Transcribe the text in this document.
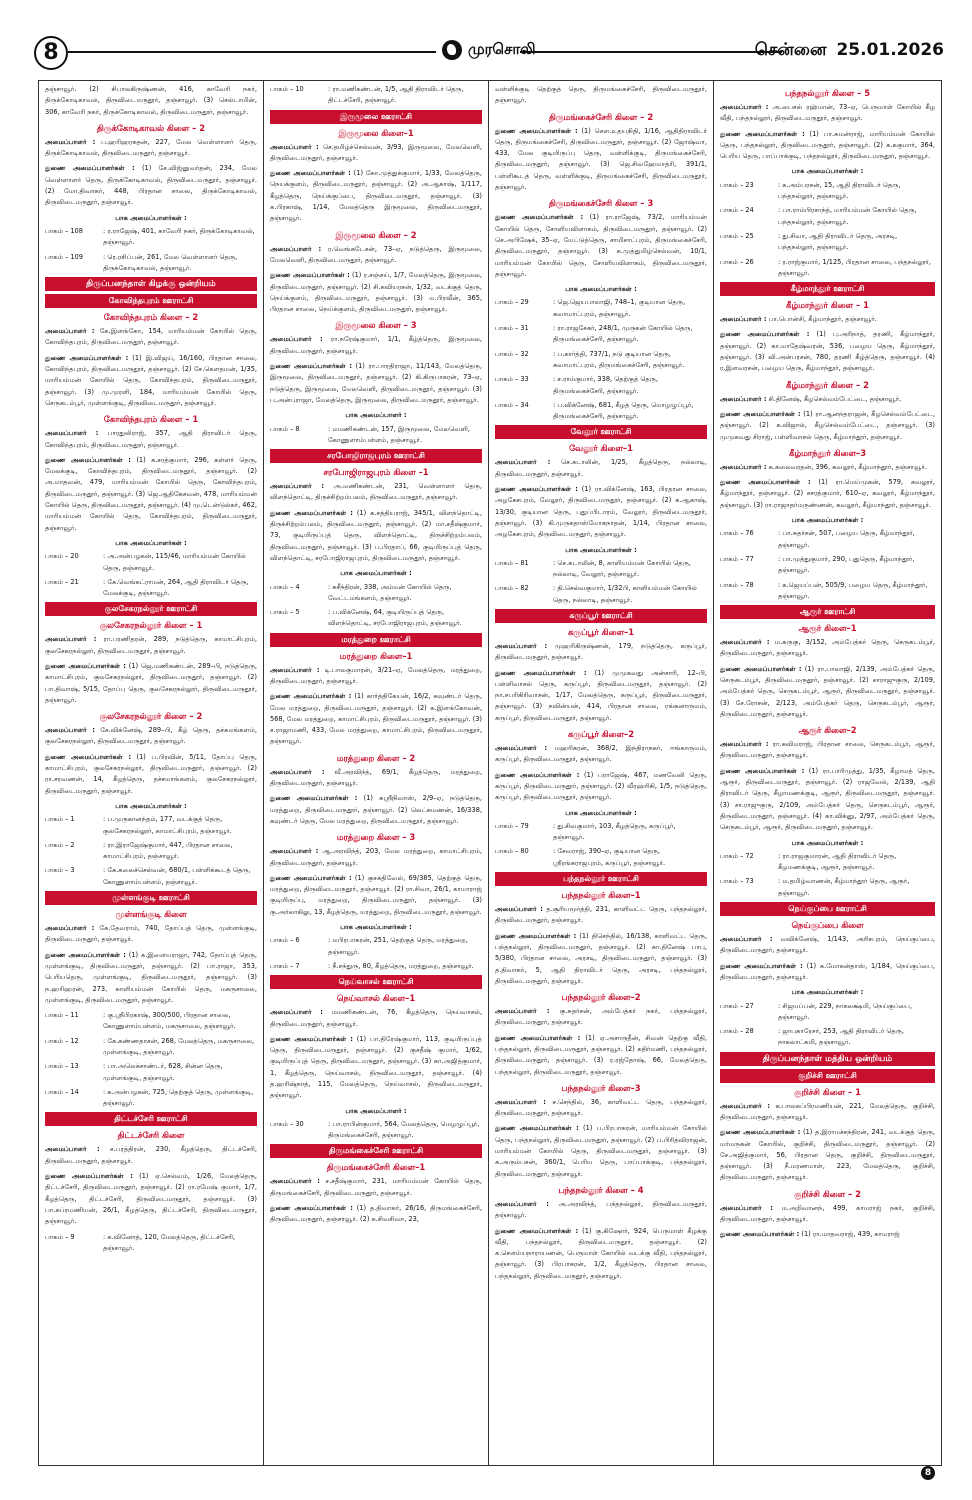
8	முரசொலி	சென்னை 25.01.2026

தஞ்சாவூர். (2) சிபாலகிருஷ்ணன், 416, காவேரி நகர், திருக்கோடிகாவல், திருவிடைமருதூர், தஞ்சாவூர். (3) செல்டாமின், 306, காவேரி நகர், திருக்கோடிகாவல், திருவிடைமருதூர், தஞ்சாவூர்.

திருக்கோடிகாவல் கிளை – 2

அமைப்பாளர் : ப.ஹரிஹரசுதன், 227, மேல வெள்ளாளர் தெரு, திருக்கோடிகாவல், திருவிடைமருதூர், தஞ்சாவூர்.

துணை அமைப்பாளர்கள் : (1) சே.விஜ்னுவர்தன், 234, மேல வெள்ளாளர் தெரு, திருக்கோடிகாவல், திருவிடைமருதூர், தஞ்சாவூர். (2) மோ.திவாகர், 448, பிரதான சாலை, திருக்கோடிகாவல், திருவிடைமருதூர், தஞ்சாவூர்.

பாக அமைப்பாளர்கள் :
பாகம் – 108	: ர.ராஜேஷ், 401, காவேரி நகர், திருக்கோடிகாவல், தஞ்சாவூர்.
பாகம் – 109	: ரெ.ரசிப்பன், 261, மேல வெள்ளாளர் தெரு, திருக்கோடிகாவல், தஞ்சாவூர்.
திருப்பனந்தாள் கிழக்கு ஒன்றியம்
கோவிந்தபுரம் ஊராட்சி
கோவிந்தபுரம் கிளை – 2

அமைப்பாளர் : கே.இளங்கோ, 154, மாரியம்மன் கோயில் தெரு, கோவிந்தபுரம், திருவிடைமருதூர், தஞ்சாவூர்.

துணை அமைப்பாளர்கள் : (1) இ.விஜய், 16/160, பிரதான சாலை, கோவிந்தபுரம், திருவிடைமருதூர், தஞ்சாவூர். (2) சே.கௌதமன், 1/35, மாரியம்மன் கோயில் தெரு, கோவிந்தபுரம், திருவிடைமருதூர், தஞ்சாவூர். (3) மு.முரளி, 184, மாரியம்மன் கோயில் தெரு, செருகடம்பூர், முள்ளங்குடி, திருவிடைமருதூர், தஞ்சாவூர்.

கோவிந்தபுரம் கிளை – 1

அமைப்பாளர் : பாரதுலிராஜ், 357, ஆதி திராவிடர் தெரு, கோவிந்தபுரம், திருவிடைமருதூர், தஞ்சாவூர்.

துணை அமைப்பாளர்கள் : (1) க.சரத்குமார், 296, கள்ளர் தெரு, மேலக்குடி, கோவிந்தபுரம், திருவிடைமருதூர், தஞ்சாவூர். (2) அ.மாதவன், 479, மாரியம்மன் கோயில் தெரு, கோவிந்தபுரம், திருவிடைமருதூர், தஞ்சாவூர். (3) ஜெ.ஆதிகேசவன், 478, மாரியம்மன் கோயில் தெரு, திருவிடைமருதூர், தஞ்சாவூர். (4) மு.டென்டுல்கர், 462, மாரியம்மன் கோயில் தெரு, கோவிந்தபுரம், திருவிடைமருதூர், தஞ்சாவூர்.

பாக அமைப்பாளர்கள் :
பாகம் – 20	: அ.அன்பழகன், 115/46, மாரியம்மன் கோயில் தெரு, தஞ்சாவூர்.
பாகம் – 21	: கே.வெங்கட்ராமன், 264, ஆதி திராவிடர் தெரு, மேலக்குடி, தஞ்சாவூர்.
குலசேகரநல்லூர் ஊராட்சி
குலசேகரநல்லூர் கிளை – 1

அமைப்பாளர் : ரா.பரணிதரன், 289, நடுத்தெரு, காமாட்சிபுரம், குலசேகரநல்லூர், திருவிடைமருதூர், தஞ்சாவூர்.

துணை அமைப்பாளர்கள் : (1) ஜெ.மணிகண்டன், 289–பி, நடுத்தெரு, காமாட்சிபுரம், குலசேகரநல்லூர், திருவிடைமருதூர், தஞ்சாவூர். (2) பா.திவாஷ், 5/15, தோப்பு தெரு, குலசேகரநல்லூர், திருவிடைமருதூர், தஞ்சாவூர்.

குலசேகரநல்லூர் கிளை – 2

அமைப்பாளர் : சே.விக்னேஷ், 289–பி, கீழ் தெரு, தச்சுமங்களம், குலசேகரநல்லூர், திருவிடைமருதூர், தஞ்சாவூர்.

துணை அமைப்பாளர்கள் : (1) ப.பிரவின், 5/11, தோப்பு தெரு, காமாட்சிபுரம், குலசேகரநல்லூர், திருவிடைமருதூர், தஞ்சாவூர். (2) ரா.சரவணன், 14, கீழத்தெரு, தச்சமாங்களம், குலசேகரநல்லூர், திருவிடைமருதூர், தஞ்சாவூர்.

பாக அமைப்பாளர்கள் :
பாகம் – 1	: ப.முருகானந்தம், 177, வடக்குத் தெரு, குலசேகரநல்லூர், காமாட்சிபுரம், தஞ்சாவூர்.
பாகம் – 2	: ரா.இராஜேஷ்குமார், 447, பிரதான சாலை, காமாட்சிபுரம், தஞ்சாவூர்.
பாகம் – 3	: கே.கலைச்செல்வன், 680/1, பள்ளிக்கூடத் தெரு, கோணுளாம்பள்ளம், தஞ்சாவூர்.
முள்ளங்குடி ஊராட்சி
முள்ளங்குடி கிளை

அமைப்பாளர் : கே.தேவராம், 740, தோப்புத் தெரு, முள்ளங்குடி, திருவிடைமருதூர், தஞ்சாவூர்.

துணை அமைப்பாளர்கள் : (1) க.இளையராஜா, 742, தோப்புத் தெரு, முள்ளங்குடி, திருவிடைமருதூர், தஞ்சாவூர். (2) பா.ராஜா, 353, பெரியதெரு, முள்ளங்குடி, திருவிடைமருதூர், தஞ்சாவூர். (3) ந.ஹரிஹரன், 273, காளியம்மன் கோயில் தெரு, மகருசாலை, முள்ளங்குடி, திருவிடைமருதூர், தஞ்சாவூர்.

பாகம் – 11	: கு.ஸ்ரீபிரகாஷ், 300/500, பிரதான சாலை, கோணுளாம்பள்ளம், மகருசாலை, தஞ்சாவூர்.
பாகம் – 12	: கே.கண்ணதாசன், 268, மேலத்தெரு, மகருசாலை, முள்ளங்குடி, தஞ்சாவூர்.
பாகம் – 13	: பா.அலெக்சாண்டர், 628, சின்ன தெரு, முள்ளங்குடி, தஞ்சாவூர்.
பாகம் – 14	: க.அன்பழகன், 725, தெற்குத் தெரு, முள்ளங்குடி, தஞ்சாவூர்.
திட்டச்சேரி ஊராட்சி
திட்டச்சேரி கிளை

அமைப்பாளர் : ச.பரத்திரன், 230, கீழத்தெரு, திட்டச்சேரி, திருவிடைமருதூர், தஞ்சாவூர்.

துணை அமைப்பாளர்கள் : (1) ஏ.செல்வம், 1/26, மேலத்தெரு, திட்டச்சேரி, திருவிடைமருதூர், தஞ்சாவூர். (2) ரா.ரமேஷ் குமார், 1/7, கீழத்தெரு, திட்டச்சேரி, திருவிடைமருதூர், தஞ்சாவூர். (3) பா.சுப்ரமணியன், 26/1, கீழத்தெரு, திட்டச்சேரி, திருவிடைமருதூர், தஞ்சாவூர்.

பாகம் – 9	: க.வினோத், 120, மேலத்தெரு, திட்டச்சேரி, தஞ்சாவூர்.
பாகம் – 10	: ரா.மணிகண்டன், 1/5, ஆதி திராவிடர் தெரு, திட்டச்சேரி, தஞ்சாவூர்.
இருமூலை ஊராட்சி
இருமூலை கிளை–1

அமைப்பாளர் : செ.தமிழ்ச்செல்வன், 3/93, இருமூலை, மேலவெளி, திருவிடைமருதூர், தஞ்சாவூர்.

துணை அமைப்பாளர்கள் : (1) கோ.முத்துக்குமார், 1/33, மேலத்தெரு, நெயக்குளம், திருவிடைமருதூர், தஞ்சாவூர். (2) அ.ஆகாஷ், 1/117, கீழத்தெரு, நெய்க்குப்பை, திருவிடைமருதூர், தஞ்சாவூர். (3) க.பிரகாஷ், 1/14, மேலத்தெரு இருமூலை, திருவிடைமருதூர், தஞ்சாவூர்.

இருமூலை கிளை – 2

அமைப்பாளர் : ர.வெங்கடேசன், 73–ஏ, நடுத்தெரு, இருமூலை, மேலவெளி, திருவிடைமருதூர், தஞ்சாவூர்.

துணை அமைப்பாளர்கள் : (1) ர.சஞ்சய், 1/7, மேலத்தெரு, இருமூலை, திருவிடைமருதூர், தஞ்சாவூர். (2) சி.சுவியரசன், 1/32, வடக்குத் தெரு, நெய்க்குளம், திருவிடைமருதூர், தஞ்சாவூர். (3) ம.பிரவீன், 365, பிரதான சாலை, நெய்க்குளம், திருவிடைமருதூர், தஞ்சாவூர்.

இருமூலை கிளை – 3

அமைப்பாளர் : ரா.நரேஷ்குமார், 1/1, கீழ்த்தெரு, இருமூலை, திருவிடைமருதூர், தஞ்சாவூர்.

துணை அமைப்பாளர்கள் : (1) ரா.பாரதிராஜா, 11/143, மேலத்தெரு, இருமூலை, திருவிடைமருதூர், தஞ்சாவூர். (2) கி.கிருபாகரன், 73–ஏ, நடுத்தெரு, இருமூலை, மேலவெளி, திருவிடைமருதூர், தஞ்சாவூர். (3) ப.அன்புராஜா, மேலத்தெரு, இருமூலை, திருவிடைமருதூர், தஞ்சாவூர்.

பாக அமைப்பாளர் :
பாகம் – 8	: மமணிகண்டன், 157, இருமூலை, மேலவெளி, கோணுளாம்பள்ளம், தஞ்சாவூர்.
சரபோஜிராஜபுரம் ஊராட்சி
சரபோஜிராஜபுரம் கிளை –1

அமைப்பாளர் : அ.மணிகண்டன், 231, வெள்ளாளர் தெரு, விளந்தொட்டி, திருச்சிற்றம்பலம், திருவிடைமருதூர், தஞ்சாவூர்.

துணை அமைப்பாளர்கள் : (1) க.சத்தியராஜ், 345/1, விளந்தொட்டி, திருச்சிற்றம்பலம், திருவிடைமருதூர், தஞ்சாவூர். (2) மா.சதீஷ்குமார், 73, குடியிருப்புத் தெரு, விளந்தொட்டி, திருச்சிற்றம்பலம், திருவிடைமருதூர், தஞ்சாவூர். (3) ப.பிரதாப், 66, குடியிருப்புத் தெரு, விளந்தொட்டி, சரபோஜிராஜபுரம், திருவிடைமருதூர், தஞ்சாவூர்.

பாக அமைப்பாளர்கள் :
பாகம் – 4	: சுசீந்திரன், 338, அம்மன் கோயில் தெரு, வேட்டமங்களம், தஞ்சாவூர்.
பாகம் – 5	: ப.விக்னேஷ், 64, குடியிருப்புத் தெரு, விளந்தொட்டி, சரபோஜிராஜபுரம், தஞ்சாவூர்.
மரத்துறை ஊராட்சி
மரத்துறை கிளை–1

அமைப்பாளர் : டி.பாலகுமாரன், 3/21–ஏ, மேலத்தெரு, மரத்துறை, திருவிடைமருதூர், தஞ்சாவூர்.

துணை அமைப்பாளர்கள் : (1) கார்த்திகேயன், 16/2, கவுண்டர் தெரு, மேல மரத்துறை, திருவிடைமருதூர், தஞ்சாவூர். (2) க.இளங்கோவன், 568, மேல மரத்துறை, காமாட்சிபுரம், திருவிடைமருதூர், தஞ்சாவூர். (3) ச.ராஜாமணி, 433, மேல மரத்துறை, காமாட்சிபுரம், திருவிடைமருதூர், தஞ்சாவூர்.

மரத்துறை கிளை – 2

அமைப்பாளர் : வீ.அரவிந்த், 69/1, கீழத்தெரு, மரத்துறை, திருவிடைமருதூர், தஞ்சாவூர்.

துணை அமைப்பாளர்கள் : (1) சுஸ்ரீநிவாஸ், 2/9–ஏ, நடுத்தெரு, மரத்துறை, திருவிடைமருதூர், தஞ்சாவூர். (2) லெட்சுமணன், 16/338, கவுண்டர் தெரு, மேல மரத்துறை, திருவிடைமருதூர், தஞ்சாவூர்.

மரத்துறை கிளை – 3

அமைப்பாளர் : ஆ.அரவிந்த், 203, மேல மரத்துறை, காமாட்சிபுரம், திருவிடைமருதூர், தஞ்சாவூர்.

துணை அமைப்பாளர்கள் : (1) குசக்திவேல், 69/385, தெற்குத் தெரு, மரத்துறை, திருவிடைமருதூர், தஞ்சாவூர். (2) ரா.சிவா, 26/1, காமாராஜ் குடியிருப்பு, மரத்துறை, திருவிடைமருதூர், தஞ்சாவூர். (3) கு.அர்லாகிலு, 13, கீழத்தெரு, மரத்துறை, திருவிடைமருதூர், தஞ்சாவூர்.

பாக அமைப்பாளர்கள் :
பாகம் – 6	: மபிரபாகரன், 251, தெற்குத் தெரு, மரத்துறை, தஞ்சாவூர்.
பாகம் – 7	: நீ.சந்துரு, 80, கீழத்தெரு, மரத்துறை, தஞ்சாவூர்.
நெய்வாசல் ஊராட்சி
நெய்வாசல் கிளை–1

அமைப்பாளர் : மமணிகண்டன், 76, கீழத்தெரு, நெய்வாசல், திருவிடைமருதூர், தஞ்சாவூர்.

துணை அமைப்பாளர்கள் : (1) பா.திரேஷ்குமார், 113, குடியிருப்புத் தெரு, திருவிடைமருதூர், தஞ்சாவூர். (2) குசதீஷ் குமார், 1/62, குடியிருப்புத் தெரு, திருவிடைமருதூர், தஞ்சாவூர். (3) கா.அஜித்குமார், 1, கீழத்தெரு, நெய்வாசல், திருவிடைமருதூர், தஞ்சாவூர். (4) த.ஹரிஷ்நாத், 115, மேலத்தெரு, நெய்வாசல், திருவிடைமருதூர், தஞ்சாவூர்.

பாக அமைப்பாளர் :
பாகம் – 30	: பா.ராபின்குமார், 564, மேலத்தெரு, மெழழுப்பூர், திருமங்கைச்சேரி, தஞ்சாவூர்.
திருமங்கைச்சேரி ஊராட்சி
திருமங்கைச்சேரி கிளை–1

அமைப்பாளர் : ச.சதீஷ்குமார், 231, மாரியம்மன் கோயில் தெரு, திருமங்கைச்சேரி, திருவிடைமருதூர், தஞ்சாவூர்.

துணை அமைப்பாளர்கள் : (1) த.திவாகர், 26/16, திருமங்கைச்சேரி, திருவிடைமருதூர், தஞ்சாவூர். (2) க.சிவசிவா, 23,

வள்ளிக்குடி தெற்குத் தெரு, திருமங்கைச்சேரி, திருவிடைமருதூர், தஞ்சாவூர்.

திருமங்கைச்சேரி கிளை – 2

துணை அமைப்பாளர்கள் : (1) சௌ.உதயநிதி, 1/16, ஆதிதிராவிடர் தெரு, திருமங்கைச்சேரி, திருவிடைமருதூர், தஞ்சாவூர். (2) ஜோஷ்வா, 433, மேல குடியிருப்பு தெரு, வள்ளிக்குடி, திருமங்கைச்சேரி, திருவிடைமருதூர், தஞ்சாவூர். (3) ஜெ.சிவஹேமாத்ரி, 391/1, பள்ளிகூடத் தெரு, வள்ளிக்குடி, திருமங்கைச்சேரி, திருவிடைமருதூர், தஞ்சாவூர்.

திருமங்கைச்சேரி கிளை – 3

துணை அமைப்பாளர்கள் : (1) ரா.ராஜேஷ், 73/2, மாரியம்மன் கோயில் தெரு, சோளியவிளாகம், திருவிடைமருதூர், தஞ்சாவூர். (2) செ.அபிஷேக், 35–ஏ, மேட்டுத்தெரு, சாமிசாட்புரம், திருமங்கைச்சேரி, திருவிடைமருதூர், தஞ்சாவூர். (3) சு.முத்துமிழ்செல்வன், 10/1, மாரியம்மன் கோயில் தெரு, சோளியவிளாகம், திருவிடைமருதூர், தஞ்சாவூர்.

பாக அமைப்பாளர்கள் :
பாகம் – 29	: ஜெ.ஜெயபாலாஜி, 748–1, குடியான தெரு, சுவாமாட்புரம், தஞ்சாவூர்.
பாகம் – 31	: ரா.ராஜசேகர், 248/1, முருகன் கோயில் தெரு, திருமங்கைச்சேரி, தஞ்சாவூர்.
பாகம் – 32	: ப.கார்த்தி, 737/1, நடு குடியான தெரு, சுவாமாட்புரம், திருமங்கைச்சேரி, தஞ்சாவூர்.
பாகம் – 33	: ச.ராம்குமார், 338, தெற்குத் தெரு, திருமங்கைச்சேரி, தஞ்சாவூர்.
பாகம் – 34	: ப.விக்னேஷ், 681, கீழத் தெரு, மொழழுப்பூர், திருமங்கைச்சேரி, தஞ்சாவூர்.
வேலூர் ஊராட்சி
வேலூர் கிளை–1

அமைப்பாளர் : செ.சுடாலின், 1/25, கீழத்தெரு, நல்லாடி, திருவிடைமருதூர், தஞ்சாவூர்.

துணை அமைப்பாளர்கள் : (1) ரா.விக்னேஷ், 163, பிரதான சாலை, அழகேசபுரம், வேலூர், திருவிடைமருதூர், தஞ்சாவூர். (2) க.ஆகாஷ், 13/30, குடியான தெரு, புதுப்பிடாரம், வேலூர், திருவிடைமருதூர், தஞ்சாவூர். (3) கி.முருகதாஸ்மோகநாதன், 1/14, பிரதான சாலை, அழகேசபுரம், திருவிடைமருதூர், தஞ்சாவூர்.

பாக அமைப்பாளர்கள் :
பாகம் – 81	: செ.சுடாலின், 8, காளியம்மன் கோயில் தெரு, நல்லாடி, வேலூர், தஞ்சாவூர்.
பாகம் – 82	: தி.செல்வகுமார், 1/32பி, காளியம்மன் கோயில் தெரு, நல்லாடி, தஞ்சாவூர்.
கருப்பூர் ஊராட்சி
கருப்பூர் கிளை–1

அமைப்பாளர் : முஹரிகிருஷ்ணன், 179, நடுத்தெரு, கருப்பூர், திருவிடைமருதூர், தஞ்சாவூர்.

துணை அமைப்பாளர்கள் : (1) முமுகவது அன்சாரி, 12–பி, பள்ளிவாசல் தெரு, கருப்பூர், திருவிடைமருதூர், தஞ்சாவூர். (2) நா.சபரிகிரிவாசன், 1/17, மேலத்தெரு, கருப்பூர், திருவிடைமருதூர், தஞ்சாவூர். (3) நவின்யன், 414, பிரதான சாலை, ரங்கனாருமம், கருப்பூர், திருவிடைமருதூர், தஞ்சாவூர்.

கருப்பூர் கிளை–2

அமைப்பாளர் : மஹரிகரன், 368/2, இந்திராநகர், ஈங்காருமம், கருப்பூர், திருவிடைமருதூர், தஞ்சாவூர்.

துணை அமைப்பாளர்கள் : (1) பராஜேஷ், 467, மணவேலி தெரு, கருப்பூர், திருவிடைமருதூர், தஞ்சாவூர். (2) வீரஹரிகி, 1/5, நடுத்தெரு, கருப்பூர், திருவிடைமருதூர், தஞ்சாவூர்.

பாக அமைப்பாளர்கள் :
பாகம் – 79	: து.சிவகுமார், 103, கீழத்தெரு, கருப்பூர், தஞ்சாவூர்.
பாகம் – 80	: சேவராஜ், 390–ஏ, குடியான தெரு, ஸ்ரீரங்கராஜபுரம், கருப்பூர், தஞ்சாவூர்.
பந்தநல்லூர் ஊராட்சி
பந்தநல்லூர் கிளை–1

அமைப்பாளர் : த.சூரியமூர்த்தி, 231, காளிவட்ட தெரு, பந்தநல்லூர், திருவிடைமருதூர், தஞ்சாவூர்.

துணை அமைப்பாளர்கள் : (1) திசெந்தில், 16/138, காளிவட்ட தெரு, பந்தநல்லூர், திருவிடைமருதூர், தஞ்சாவூர். (2) கா.தினேஷ் பாபு, 5/380, பிரதான சாலை, அரசடி, திருவிடைமருதூர், தஞ்சாவூர். (3) த.திவாகர், 5, ஆதி திராவிடர் தெரு, அரசடி, பந்தநல்லூர், திருவிடைமருதூர், தஞ்சாவூர்.

பந்தநல்லூர் கிளை–2

அமைப்பாளர் : கு.சுதர்சன், அம்பேத்கர் நகர், பந்தநல்லூர், திருவிடைமருதூர், தஞ்சாவூர்.

துணை அமைப்பாளர்கள் : (1) ஏ.அசாருதீன், சிவன் தெற்கு வீதி, பந்தநல்லூர், திருவிடைமருதூர், தஞ்சாவூர். (2) கதிர்மணி, பந்தநல்லூர், திருவிடைமருதூர், தஞ்சாவூர். (3) ர.ரஜ்தோஷ், 66, மேலத்தெரு, பந்தநல்லூர், திருவிடைமருதூர், தஞ்சாவூர்.

பந்தநல்லூர் கிளை–3

அமைப்பாளர் : ச.செந்தில், 36, காளிவட்ட தெரு, பந்தநல்லூர், திருவிடைமருதூர், தஞ்சாவூர்.

துணை அமைப்பாளர்கள் : (1) ப.பிரபாகரன், மாரியம்மன் கோயில் தெரு, பந்தநல்லூர், திருவிடைமருதூர், தஞ்சாவூர். (2) ப.பிரித்விராஜன், மாரியம்மன் கோயில் தெரு, திருவிடைமருதூர், தஞ்சாவூர். (3) சு.அரும்பசன், 360/1, பெரிய தெரு, பாப்பாக்குடி, பந்தநல்லூர், திருவிடைமருதூர், தஞ்சாவூர்.

பந்தநல்லூர் கிளை – 4

அமைப்பாளர் : அ.அரவிந்த், பந்தநல்லூர், திருவிடைமருதூர், தஞ்சாவூர்.

துணை அமைப்பாளர்கள் : (1) கு.கிஷோர், 924, பெருமாள் கீழக்கு வீதி, பந்தநல்லூர், திருவிடைமருதூர், தஞ்சாவூர். (2) க.செளம்யநாராயணன், பெருமாள் கோயில் வடக்கு வீதி, பந்தநல்லூர், தஞ்சாவூர். (3) பிரபாகரன், 1/2, கீழத்தெரு, பிரதான சாலை, பந்தநல்லூர், திருவிடைமருதூர், தஞ்சாவூர்.

பந்தநல்லூர் கிளை – 5

அமைப்பாளர் : அ.பைசல் ரஹ்மான், 73–ஏ, பெருமாள் கோயில் கீழ வீதி, பந்தநல்லூர், திருவிடைமருதூர், தஞ்சாவூர்.

துணை அமைப்பாளர்கள் : (1) பா.சுமன்ராஜ், மாரியம்மன் கோயில் தெரு, பந்தநல்லூர், திருவிடைமருதூர், தஞ்சாவூர். (2) க.சுகுமார், 364, பெரிய தெரு, பாப்பாக்குடி, பந்தநல்லூர், திருவிடைமருதூர், தஞ்சாவூர்.

பாக அமைப்பாளர்கள் :
பாகம் – 23	: க.அம்பரசன், 15, ஆதி திராவிடர் தெரு, பந்தநல்லூர், தஞ்சாவூர்.
பாகம் – 24	: பா.ராம்பிரசாந்த், மாரியம்மன் கோயில் தெரு, பந்தநல்லூர், தஞ்சாவூர்.
பாகம் – 25	: து.சிவா, ஆதி திராவிடர் தெரு, அரசடி, பந்தநல்லூர், தஞ்சாவூர்.
பாகம் – 26	: ர.ராஜ்குமார், 1/125, பிரதான சாலை, பந்தநல்லூர், தஞ்சாவூர்.
கீழ்மாந்தூர் ஊராட்சி
கீழ்மாந்தூர் கிளை – 1

அமைப்பாளர் : பா.பொன்சி, கீழ்மாந்தூர், தஞ்சாவூர்.

துணை அமைப்பாளர்கள் : (1) பு.அரிநாத், தரணி, கீழ்மாந்தூர், தஞ்சாவூர். (2) கா.மாதேஷ்வரன், 536, பழைய தெரு, கீழ்மாந்தூர், தஞ்சாவூர். (3) வி.அன்பரசன், 780, தரணி கீழ்த்தெரு, தஞ்சாவூர். (4) ர.இளவரசன், பழைய தெரு, கீழ்மாந்தூர், தஞ்சாவூர்.

கீழ்மாந்தூர் கிளை – 2

அமைப்பாளர் : சி.தினேஷ், கீழசெல்வம்பேட்டை, தஞ்சாவூர்.

துணை அமைப்பாளர்கள் : (1) ரா.ஆனந்தராஜன், கீழசெல்வம்பேட்டை, தஞ்சாவூர். (2) க.விஜால், கீழசெல்வம்பேட்டை, தஞ்சாவூர். (3) முமுகவது சிராஜ், பள்ளிவாசல் தெரு, கீழ்மாந்தூர், தஞ்சாவூர்.

கீழ்மாந்தூர் கிளை–3

அமைப்பாளர் : க.கலைவரதன், 396, கவலூர், கீழ்மாந்தூர், தஞ்சாவூர்.

துணை அமைப்பாளர்கள் : (1) ரா.மெய்முகன், 579, கவலூர், கீழ்மாந்தூர், தஞ்சாவூர். (2) சசரத்குமார், 610–ஏ, கவலூர், கீழ்மாந்தூர், தஞ்சாவூர். (3) ரா.ராஜாதர்மருண்ணன், கவலூர், கீழ்மாந்தூர், தஞ்சாவூர்.

பாக அமைப்பாளர்கள் :
பாகம் – 76	: பா.சுதர்சன், 507, பழைய தெரு, கீழ்மாந்தூர், தஞ்சாவூர்.
பாகம் – 77	: பா.முத்துகுமார், 290, புதுதெரு, கீழ்மாந்தூர், தஞ்சாவூர்.
பாகம் – 78	: க.ஜெயப்பன், 505/9, பழைய தெரு, கீழ்மாந்தூர், தஞ்சாவூர்.
ஆரூர் ஊராட்சி
ஆரூர் கிளை–1

அமைப்பாளர் : ம.சுருகு, 3/152, அம்பேத்கர் தெரு, செருகடம்பூர், திருவிடைமருதூர், தஞ்சாவூர்.

துணை அமைப்பாளர்கள் : (1) ரா.பாலாஜி, 2/139, அம்பேத்கர் தெரு, செருகடம்பூர், திருவிடைமருதூர், தஞ்சாவூர். (2) சாராஜுகுரு, 2/109, அம்பேத்கர் தெரு, செருகடம்பூர், ஆரூர், திருவிடைமருதூர், தஞ்சாவூர். (3) சே.ரோசன், 2/123, அம்பேத்கர் தெரு, செருகடம்பூர், ஆரூர், திருவிடைமருதூர், தஞ்சாவூர்.

ஆரூர் கிளை–2

அமைப்பாளர் : ரா.சுவிமராஜ், பிரதான சாலை, செருகடம்பூர், ஆரூர், திருவிடைமருதூர், தஞ்சாவூர்.

துணை அமைப்பாளர்கள் : (1) ரா.பாரிமுத்து, 1/35, கீழாமத் தெரு, ஆரூர், திருவிடைமருதூர், தஞ்சாவூர். (2) ராஜவேல், 2/139, ஆதி திராவிடர் தெரு, கீழாமணக்குடி, ஆரூர், திருவிடைமருதூர், தஞ்சாவூர். (3) சா.ராஜுகுரு, 2/109, அம்பேத்கர் தெரு, செருகடம்பூர், ஆரூர், திருவிடைமருதூர், தஞ்சாவூர். (4) கா.விக்னு, 2/97, அம்பேத்கர் தெரு, செருகடம்பூர், ஆரூர், திருவிடைமருதூர், தஞ்சாவூர்.

பாக அமைப்பாளர்கள் :
பாகம் – 72	: ரா.ராஜகுமாரன், ஆதி திராவிடர் தெரு, கீழமணக்குடி, ஆரூர், தஞ்சாவூர்.
பாகம் – 73	: ம.தமிழ்வாணன், கீழ்மாந்தூர் தெரு, ஆரூர், தஞ்சாவூர்.
நெய்குப்பை ஊராட்சி
நெய்குப்பை கிளை

அமைப்பாளர் : வவிக்னேஷ், 1/143, அரிசபுரம், நெய்குப்பை, திருவிடைமருதூர், தஞ்சாவூர்.

துணை அமைப்பாளர்கள் : (1) க.மோகன்தாஸ், 1/184, நெய்குப்பை, திருவிடைமருதூர், தஞ்சாவூர்.

பாக அமைப்பாளர்கள் :
பாகம் – 27	: சிஜயப்பன், 229, நாகலக்ஷ்மி, நெய்குப்பை, தஞ்சாவூர்.
பாகம் – 28	: ஜாபுகாரேசர், 253, ஆதி திராவிடர் தெரு, நாகலாட்சுமி, தஞ்சாவூர்.
திருப்பனந்தாள் மத்திய ஒன்றியம்
குறிச்சி ஊராட்சி
குறிச்சி கிளை – 1

அமைப்பாளர் : க.பாலசுப்பிரமணியன், 221, மேலத்தெரு, குறிச்சி, திருவிடைமருதூர், தஞ்சாவூர்.

துணை அமைப்பாளர்கள் : (1) த.இராமச்சந்திரன், 241, வடக்குத் தெரு, மர்மருகன் கோயில், குறிச்சி, திருவிடைமருதூர், தஞ்சாவூர். (2) சே.அஜித்குமார், 56, பிரதான தெரு, குறிச்சி, திருவிடைமருதூர், தஞ்சாவூர். (3) நீ.மரணமாள், 223, மேலத்தெரு, குறிச்சி, திருவிடைமருதூர், தஞ்சாவூர்.

குறிச்சி கிளை – 2

அமைப்பாளர் : ம.அறிவானந், 499, காமராஜ் நகர், குறிச்சி, திருவிடைமருதூர், தஞ்சாவூர்.

துணை அமைப்பாளர்கள் : (1) ரா.மாதவராஜ், 439, காமராஜ்

8
